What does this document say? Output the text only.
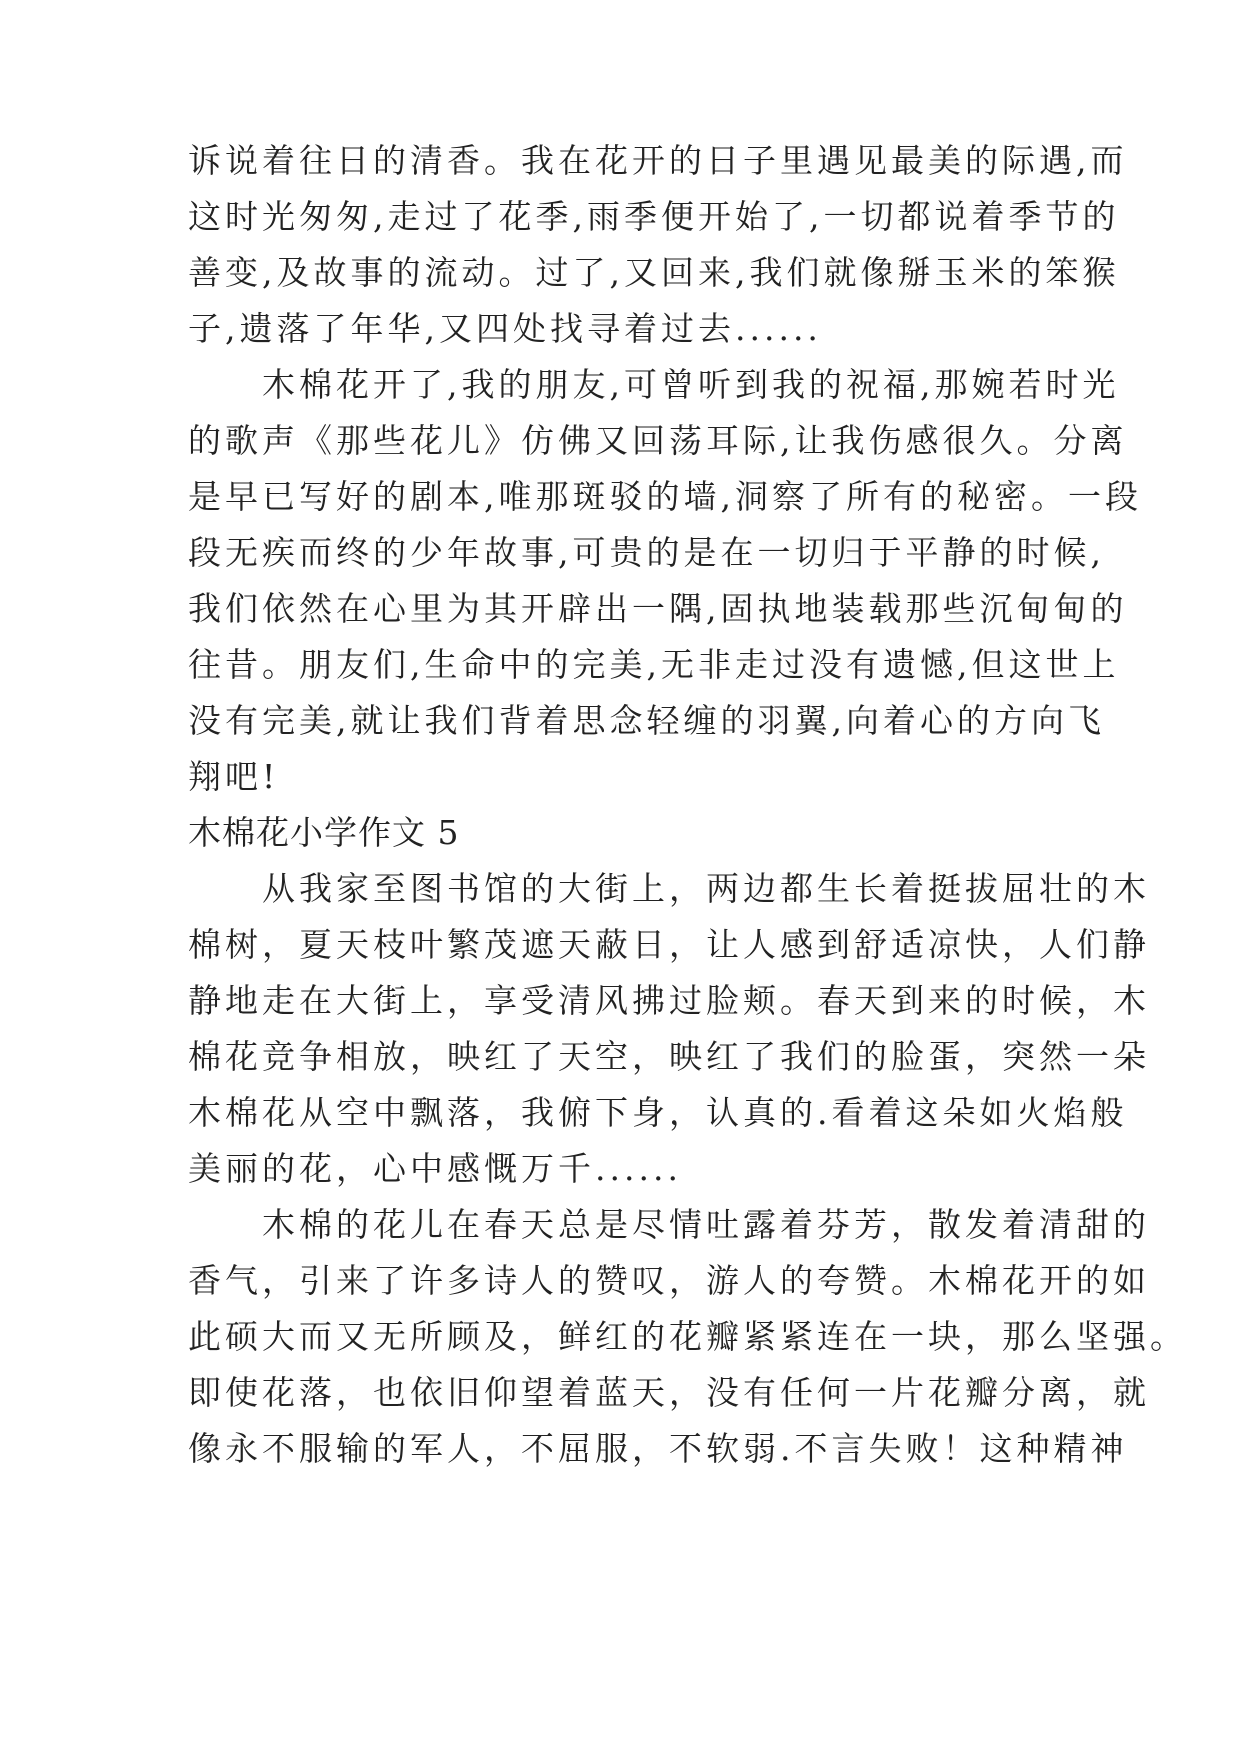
诉说着往日的清香。我在花开的日子里遇见最美的际遇,而
这时光匆匆,走过了花季,雨季便开始了,一切都说着季节的
善变,及故事的流动。过了,又回来,我们就像掰玉米的笨猴
子,遗落了年华,又四处找寻着过去......
　　木棉花开了,我的朋友,可曾听到我的祝福,那婉若时光
的歌声《那些花儿》仿佛又回荡耳际,让我伤感很久。分离
是早已写好的剧本,唯那斑驳的墙,洞察了所有的秘密。一段
段无疾而终的少年故事,可贵的是在一切归于平静的时候,
我们依然在心里为其开辟出一隅,固执地装载那些沉甸甸的
往昔。朋友们,生命中的完美,无非走过没有遗憾,但这世上
没有完美,就让我们背着思念轻缠的羽翼,向着心的方向飞
翔吧!
木棉花小学作文 5
　　从我家至图书馆的大街上，两边都生长着挺拔屈壮的木
棉树，夏天枝叶繁茂遮天蔽日，让人感到舒适凉快，人们静
静地走在大街上，享受清风拂过脸颊。春天到来的时候，木
棉花竞争相放，映红了天空，映红了我们的脸蛋，突然一朵
木棉花从空中飘落，我俯下身，认真的.看着这朵如火焰般
美丽的花，心中感慨万千......
　　木棉的花儿在春天总是尽情吐露着芬芳，散发着清甜的
香气，引来了许多诗人的赞叹，游人的夸赞。木棉花开的如
此硕大而又无所顾及，鲜红的花瓣紧紧连在一块，那么坚强。
即使花落，也依旧仰望着蓝天，没有任何一片花瓣分离，就
像永不服输的军人，不屈服，不软弱.不言失败！这种精神
